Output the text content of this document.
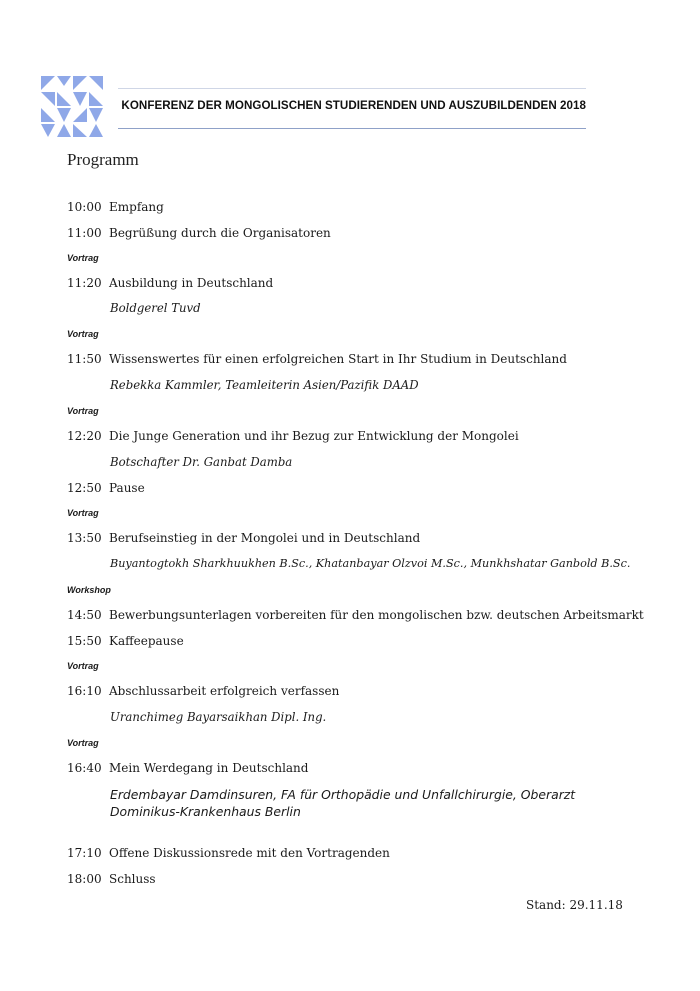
KONFERENZ DER MONGOLISCHEN STUDIERENDEN UND AUSZUBILDENDEN 2018
Programm
10:00 Empfang
11:00 Begrüßung durch die Organisatoren
Vortrag
11:20 Ausbildung in Deutschland
Boldgerel Tuvd
Vortrag
11:50 Wissenswertes für einen erfolgreichen Start in Ihr Studium in Deutschland
Rebekka Kammler, Teamleiterin Asien/Pazifik DAAD
Vortrag
12:20 Die Junge Generation und ihr Bezug zur Entwicklung der Mongolei
Botschafter Dr. Ganbat Damba
12:50 Pause
Vortrag
13:50 Berufseinstieg in der Mongolei und in Deutschland
Buyantogtokh Sharkhuukhen B.Sc., Khatanbayar Olzvoi M.Sc., Munkhshatar Ganbold B.Sc.
Workshop
14:50 Bewerbungsunterlagen vorbereiten für den mongolischen bzw. deutschen Arbeitsmarkt
15:50 Kaffeepause
Vortrag
16:10 Abschlussarbeit erfolgreich verfassen
Uranchimeg Bayarsaikhan Dipl. Ing.
Vortrag
16:40 Mein Werdegang in Deutschland
Erdembayar Damdinsuren, FA für Orthopädie und Unfallchirurgie, Oberarzt Dominikus-Krankenhaus Berlin
17:10 Offene Diskussionsrede mit den Vortragenden
18:00 Schluss
Stand: 29.11.18
